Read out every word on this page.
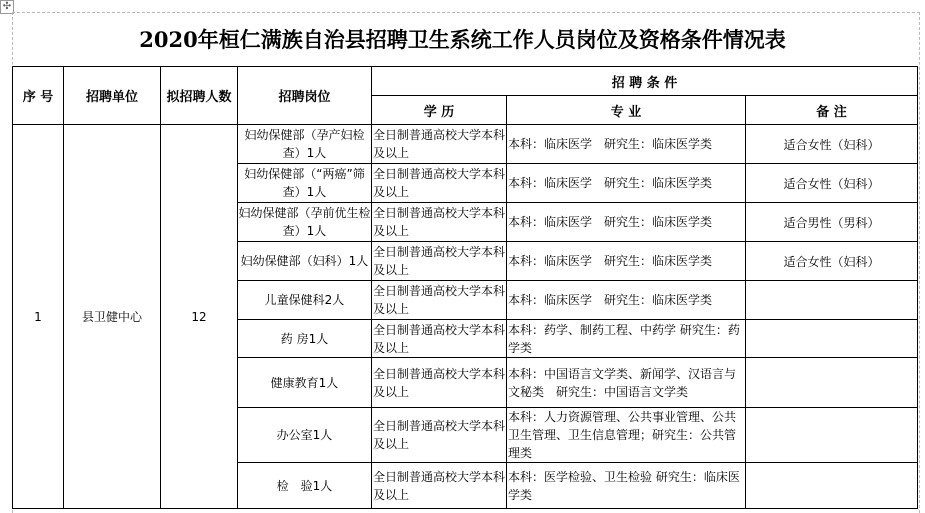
✣
2020年桓仁满族自治县招聘卫生系统工作人员岗位及资格条件情况表
序 号	招聘单位	拟招聘人数	招聘岗位	招 聘 条 件		
				学 历	专 业	备 注
1	县卫健中心	12	妇幼保健部（孕产妇检查）1人	全日制普通高校大学本科及以上	本科：临床医学　研究生：临床医学类	适合女性（妇科）
			妇幼保健部（“两癌”筛查）1人	全日制普通高校大学本科及以上	本科：临床医学　研究生：临床医学类	适合女性（妇科）
			妇幼保健部（孕前优生检查）1人	全日制普通高校大学本科及以上	本科：临床医学　研究生：临床医学类	适合男性（男科）
			妇幼保健部（妇科）1人	全日制普通高校大学本科及以上	本科：临床医学　研究生：临床医学类	适合女性（妇科）
			儿童保健科2人	全日制普通高校大学本科及以上	本科：临床医学　研究生：临床医学类	
			药 房1人	全日制普通高校大学本科及以上	本科：药学、制药工程、中药学 研究生：药学类	
			健康教育1人	全日制普通高校大学本科及以上	本科：中国语言文学类、新闻学、汉语言与文秘类　研究生：中国语言文学类	
			办公室1人	全日制普通高校大学本科及以上	本科：人力资源管理、公共事业管理、公共卫生管理、卫生信息管理；研究生：公共管理类	
			检　验1人	全日制普通高校大学本科及以上	本科：医学检验、卫生检验 研究生：临床医学类	
